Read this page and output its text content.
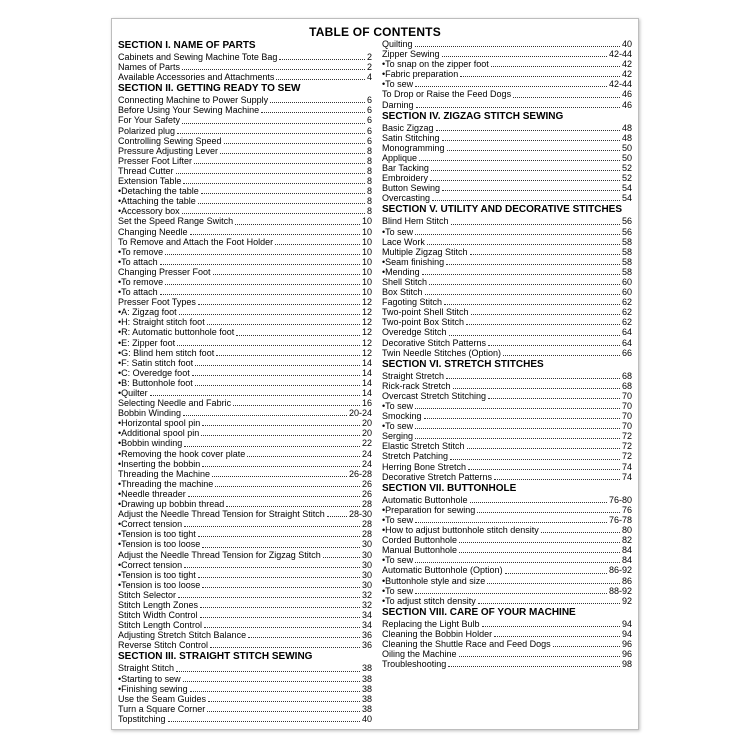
TABLE OF CONTENTS
SECTION I. NAME OF PARTS
Cabinets and Sewing Machine Tote Bag	2
Names of Parts	2
Available Accessories and Attachments	4
SECTION II. GETTING READY TO SEW
Connecting Machine to Power Supply	6
Before Using Your Sewing Machine	6
For Your Safety	6
Polarized plug	6
Controlling Sewing Speed	6
Pressure Adjusting Lever	8
Presser Foot Lifter	8
Thread Cutter	8
Extension Table	8
• Detaching the table	8
• Attaching the table	8
• Accessory box	8
Set the Speed Range Switch	10
Changing Needle	10
To Remove and Attach the Foot Holder	10
• To remove	10
• To attach	10
Changing Presser Foot	10
• To remove	10
• To attach	10
Presser Foot Types	12
• A: Zigzag foot	12
• H: Straight stitch foot	12
• R: Automatic buttonhole foot	12
• E: Zipper foot	12
• G: Blind hem stitch foot	12
• F: Satin stitch foot	14
• C: Overedge foot	14
• B: Buttonhole foot	14
• Quilter	14
Selecting Needle and Fabric	16
Bobbin Winding	20-24
• Horizontal spool pin	20
• Additional spool pin	20
• Bobbin winding	22
• Removing the hook cover plate	24
• Inserting the bobbin	24
Threading the Machine	26-28
• Threading the machine	26
• Needle threader	26
• Drawing up bobbin thread	28
Adjust the Needle Thread Tension for Straight Stitch	28-30
• Correct tension	28
• Tension is too tight	28
• Tension is too loose	30
Adjust the Needle Thread Tension for Zigzag Stitch	30
• Correct tension	30
• Tension is too tight	30
• Tension is too loose	30
Stitch Selector	32
Stitch Length Zones	32
Stitch Width Control	34
Stitch Length Control	34
Adjusting Stretch Stitch Balance	36
Reverse Stitch Control	36
SECTION III. STRAIGHT STITCH SEWING
Straight Stitch	38
• Starting to sew	38
• Finishing sewing	38
Use the Seam Guides	38
Turn a Square Corner	38
Topstitching	40
Quilting	40
Zipper Sewing	42-44
• To snap on the zipper foot	42
• Fabric preparation	42
• To sew	42-44
To Drop or Raise the Feed Dogs	46
Darning	46
SECTION IV. ZIGZAG STITCH SEWING
Basic Zigzag	48
Satin Stitching	48
Monogramming	50
Applique	50
Bar Tacking	52
Embroidery	52
Button Sewing	54
Overcasting	54
SECTION V. UTILITY AND DECORATIVE STITCHES
Blind Hem Stitch	56
• To sew	56
Lace Work	58
Multiple Zigzag Stitch	58
• Seam finishing	58
• Mending	58
Shell Stitch	60
Box Stitch	60
Fagoting Stitch	62
Two-point Shell Stitch	62
Two-point Box Stitch	62
Overedge Stitch	64
Decorative Stitch Patterns	64
Twin Needle Stitches (Option)	66
SECTION VI. STRETCH STITCHES
Straight Stretch	68
Rick-rack Stretch	68
Overcast Stretch Stitching	70
• To sew	70
Smocking	70
• To sew	70
Serging	72
Elastic Stretch Stitch	72
Stretch Patching	72
Herring Bone Stretch	74
Decorative Stretch Patterns	74
SECTION VII. BUTTONHOLE
Automatic Buttonhole	76-80
• Preparation for sewing	76
• To sew	76-78
• How to adjust buttonhole stitch density	80
Corded Buttonhole	82
Manual Buttonhole	84
• To sew	84
Automatic Buttonhole (Option)	86-92
• Buttonhole style and size	86
• To sew	88-92
• To adjust stitch density	92
SECTION VIII. CARE OF YOUR MACHINE
Replacing the Light Bulb	94
Cleaning the Bobbin Holder	94
Cleaning the Shuttle Race and Feed Dogs	96
Oiling the Machine	96
Troubleshooting	98
